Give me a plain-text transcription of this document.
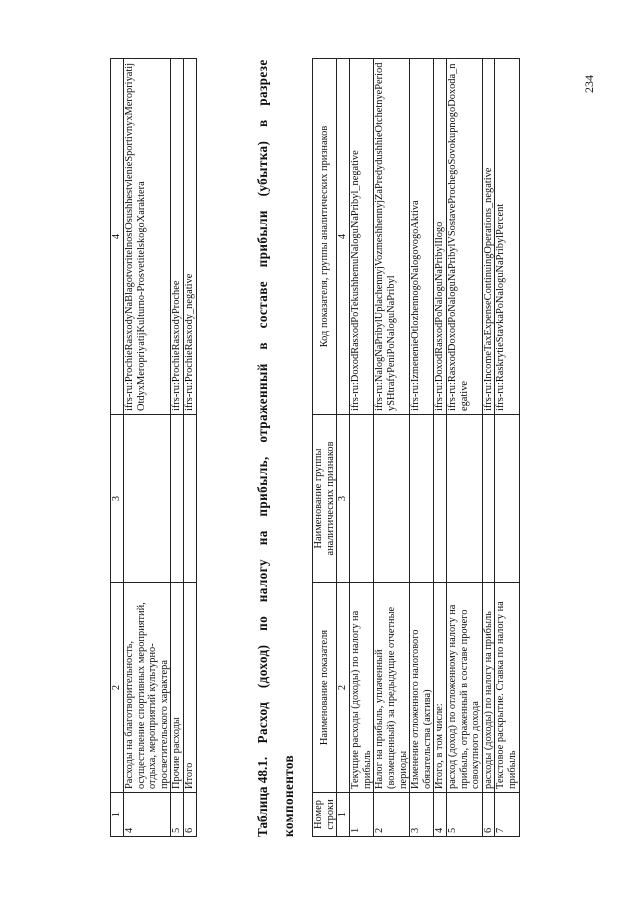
1	2	3	4
4	Расходы на благотворительность, осуществление спортивных мероприятий, отдыха, мероприятий культурно-просветительского характера		ifrs-ru:ProchieRasxodyNaBlagotvoritelnostOsushhestvlenieSportivnyxMeropriyatijOtdyxMeropriyatijKulturno-ProsvetitelskogoXaraktera
5	Прочие расходы		ifrs-ru:ProchieRasxodyProchee
6	Итого		ifrs-ru:ProchieRasxody_negative
Таблица 48.1. Расход (доход) по налогу на прибыль, отраженный в составе прибыли (убытка) в разрезе компонентов	Номер строки	Наименование показателя	Наименование группы аналитических признаков	Код показателя, группы аналитических признаков
1	2	3	4
1	Текущие расходы (доходы) по налогу на прибыль		ifrs-ru:DoxodRasxodPoTekushhemuNaloguNaPribyl_negative
2	Налог на прибыль, уплаченный (возмещенный) за предыдущие отчетные периоды		ifrs-ru:NalogNaPribylUplachennyjVozmeshhennyjZaPredydushhieOtchetnyePeriodySHtrafyPeniPoNaloguNaPribyl
3	Изменение отложенного налогового обязательства (актива)		ifrs-ru:IzmenenieOtlozhennogoNalogovogoAktiva
4	Итого, в том числе:		ifrs-ru:DoxodRasxodPoNaloguNaPribylIlogo
5	расход (доход) по отложенному налогу на прибыль, отраженный в составе прочего совокупного дохода		ifrs-ru:RasxodDoxodPoNaloguNaPribylVSostaveProchegoSovokupnogoDoxoda_negative
6	расходы (доходы) по налогу на прибыль		ifrs-ru:IncomeTaxExpenseContinuingOperations_negative
7	Текстовое раскрытие. Ставка по налогу на прибыль		ifrs-ru:RaskrytieStavkaPoNaloguNaPribylPercent
234
